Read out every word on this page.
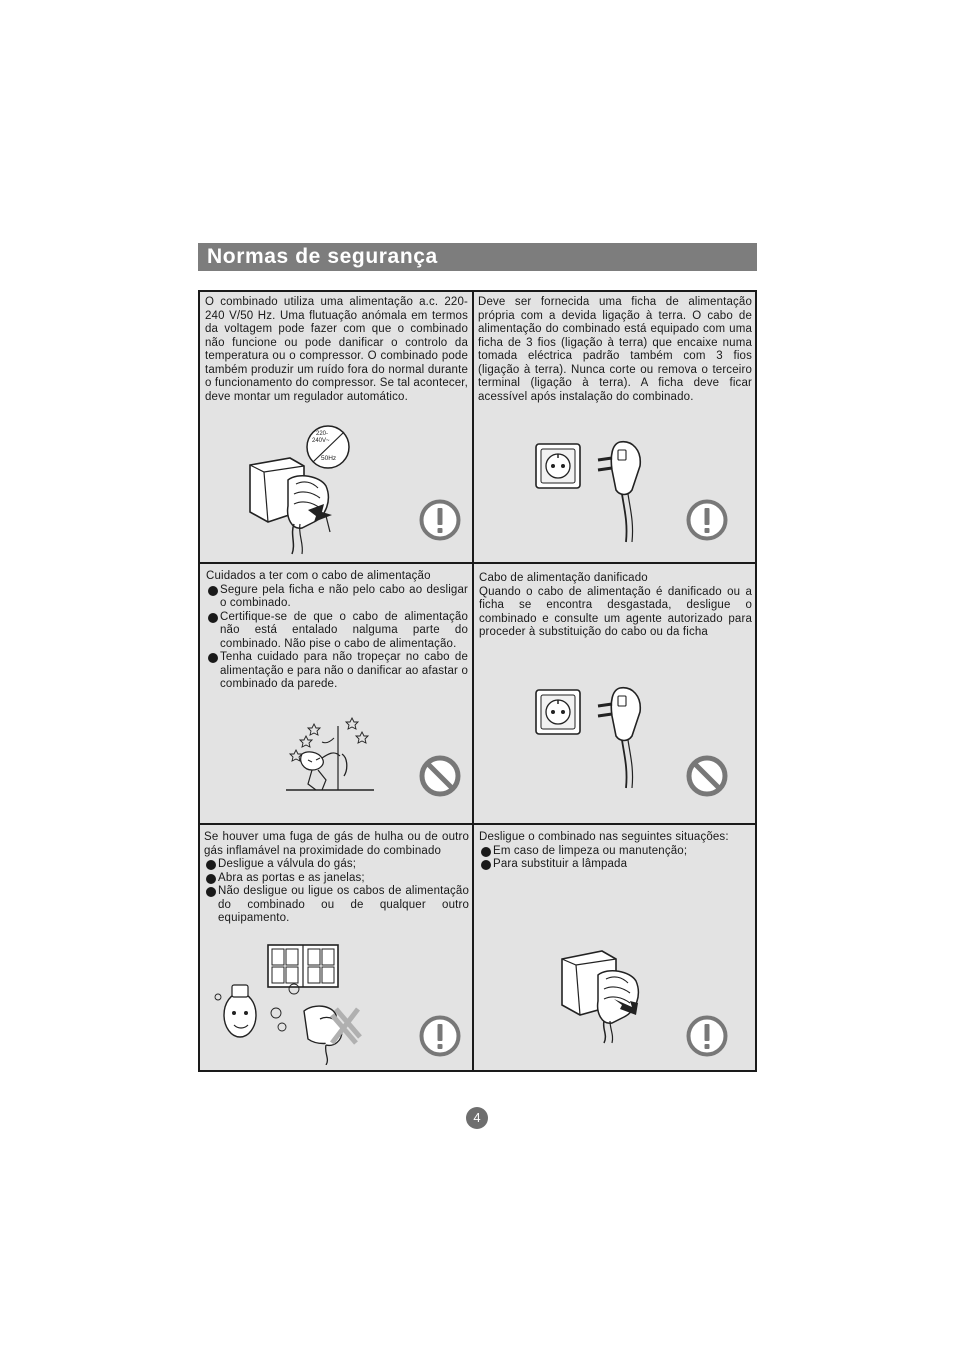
Normas de segurança

O combinado utiliza uma alimentação a.c. 220-240 V/50 Hz. Uma flutuação anómala em termos da voltagem pode fazer com que o combinado não funcione ou pode danificar o controlo da temperatura ou o compressor. O combinado pode também produzir um ruído fora do normal durante o funcionamento do compressor. Se tal acontecer, deve montar um regulador automático.

220-
240V~
50Hz

Deve ser fornecida uma ficha de alimentação própria com a devida ligação à terra. O cabo de alimentação do combinado está equipado com uma ficha de 3 fios (ligação à terra) que encaixe numa tomada eléctrica padrão também com 3 fios (ligação à terra). Nunca corte ou remova o terceiro terminal (ligação à terra). A ficha deve ficar acessível após instalação do combinado.

Cuidados a ter com o cabo de alimentação

Segure pela ficha e não pelo cabo ao desligar o combinado.
Certifique-se de que o cabo de alimentação não está entalado nalguma parte do combinado. Não pise o cabo de alimentação.
Tenha cuidado para não tropeçar no cabo de alimentação e para não o danificar ao afastar o combinado da parede.

Cabo de alimentação danificado

Quando o cabo de alimentação é danificado ou a ficha se encontra desgastada, desligue o combinado e consulte um agente autorizado para proceder à substituição do cabo ou da ficha

Se houver uma fuga de gás de hulha ou de outro gás inflamável na proximidade do combinado

Desligue a válvula do gás;
Abra as portas e as janelas;
Não desligue ou ligue os cabos de alimentação do combinado ou de qualquer outro equipamento.

Desligue o combinado nas seguintes situações:

Em caso de limpeza ou manutenção;
Para substituir a lâmpada
4
